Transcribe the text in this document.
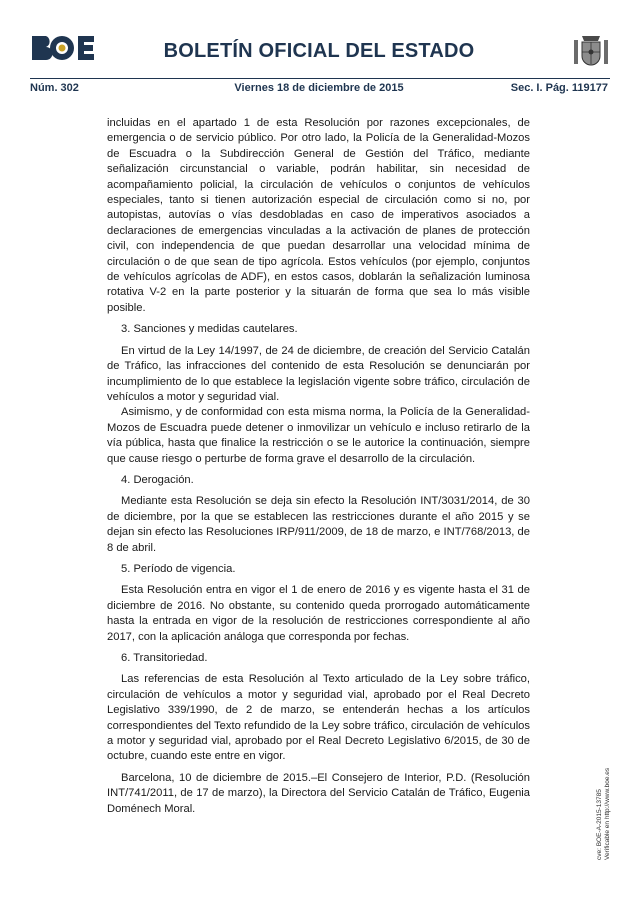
BOLETÍN OFICIAL DEL ESTADO
Núm. 302	Viernes 18 de diciembre de 2015	Sec. I. Pág. 119177

incluidas en el apartado 1 de esta Resolución por razones excepcionales, de emergencia o de servicio público. Por otro lado, la Policía de la Generalidad-Mozos de Escuadra o la Subdirección General de Gestión del Tráfico, mediante señalización circunstancial o variable, podrán habilitar, sin necesidad de acompañamiento policial, la circulación de vehículos o conjuntos de vehículos especiales, tanto si tienen autorización especial de circulación como si no, por autopistas, autovías o vías desdobladas en caso de imperativos asociados a declaraciones de emergencias vinculadas a la activación de planes de protección civil, con independencia de que puedan desarrollar una velocidad mínima de circulación o de que sean de tipo agrícola. Estos vehículos (por ejemplo, conjuntos de vehículos agrícolas de ADF), en estos casos, doblarán la señalización luminosa rotativa V-2 en la parte posterior y la situarán de forma que sea lo más visible posible.

3. Sanciones y medidas cautelares.

En virtud de la Ley 14/1997, de 24 de diciembre, de creación del Servicio Catalán de Tráfico, las infracciones del contenido de esta Resolución se denunciarán por incumplimiento de lo que establece la legislación vigente sobre tráfico, circulación de vehículos a motor y seguridad vial.

Asimismo, y de conformidad con esta misma norma, la Policía de la Generalidad-Mozos de Escuadra puede detener o inmovilizar un vehículo e incluso retirarlo de la vía pública, hasta que finalice la restricción o se le autorice la continuación, siempre que cause riesgo o perturbe de forma grave el desarrollo de la circulación.

4. Derogación.

Mediante esta Resolución se deja sin efecto la Resolución INT/3031/2014, de 30 de diciembre, por la que se establecen las restricciones durante el año 2015 y se dejan sin efecto las Resoluciones IRP/911/2009, de 18 de marzo, e INT/768/2013, de 8 de abril.

5. Período de vigencia.

Esta Resolución entra en vigor el 1 de enero de 2016 y es vigente hasta el 31 de diciembre de 2016. No obstante, su contenido queda prorrogado automáticamente hasta la entrada en vigor de la resolución de restricciones correspondiente al año 2017, con la aplicación análoga que corresponda por fechas.

6. Transitoriedad.

Las referencias de esta Resolución al Texto articulado de la Ley sobre tráfico, circulación de vehículos a motor y seguridad vial, aprobado por el Real Decreto Legislativo 339/1990, de 2 de marzo, se entenderán hechas a los artículos correspondientes del Texto refundido de la Ley sobre tráfico, circulación de vehículos a motor y seguridad vial, aprobado por el Real Decreto Legislativo 6/2015, de 30 de octubre, cuando este entre en vigor.

Barcelona, 10 de diciembre de 2015.–El Consejero de Interior, P.D. (Resolución INT/741/2011, de 17 de marzo), la Directora del Servicio Catalán de Tráfico, Eugenia Doménech Moral.	cve: BOE-A-2015-13785 Verificable en http://www.boe.es
